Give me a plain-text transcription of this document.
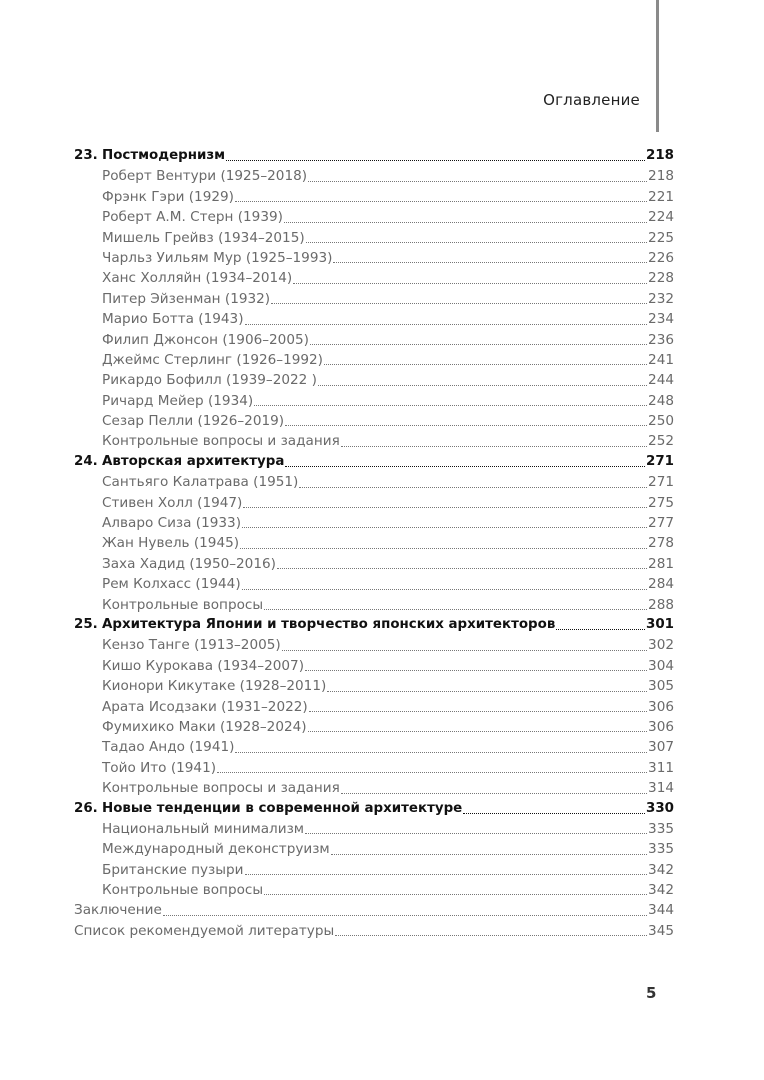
Оглавление
23. Постмодернизм	218
Роберт Вентури (1925–2018)	218
Фрэнк Гэри (1929)	221
Роберт А.М. Стерн (1939)	224
Мишель Грейвз (1934–2015)	225
Чарльз Уильям Мур (1925–1993)	226
Ханс Холляйн (1934–2014)	228
Питер Эйзенман (1932)	232
Марио Ботта (1943)	234
Филип Джонсон (1906–2005)	236
Джеймс Стерлинг (1926–1992)	241
Рикардо Бофилл (1939–2022 )	244
Ричард Мейер (1934)	248
Сезар Пелли (1926–2019)	250
Контрольные вопросы и задания	252
24. Авторская архитектура	271
Сантьяго Калатрава (1951)	271
Стивен Холл (1947)	275
Алваро Сиза (1933)	277
Жан Нувель (1945)	278
Заха Хадид (1950–2016)	281
Рем Колхасс (1944)	284
Контрольные вопросы	288
25. Архитектура Японии и творчество японских архитекторов	301
Кензо Танге (1913–2005)	302
Кишо Курокава (1934–2007)	304
Кионори Кикутаке (1928–2011)	305
Арата Исодзаки (1931–2022)	306
Фумихико Маки (1928–2024)	306
Тадао Андо (1941)	307
Тойо Ито (1941)	311
Контрольные вопросы и задания	314
26. Новые тенденции в современной архитектуре	330
Национальный минимализм	335
Международный деконструизм	335
Британские пузыри	342
Контрольные вопросы	342
Заключение	344
Список рекомендуемой литературы	345
5
